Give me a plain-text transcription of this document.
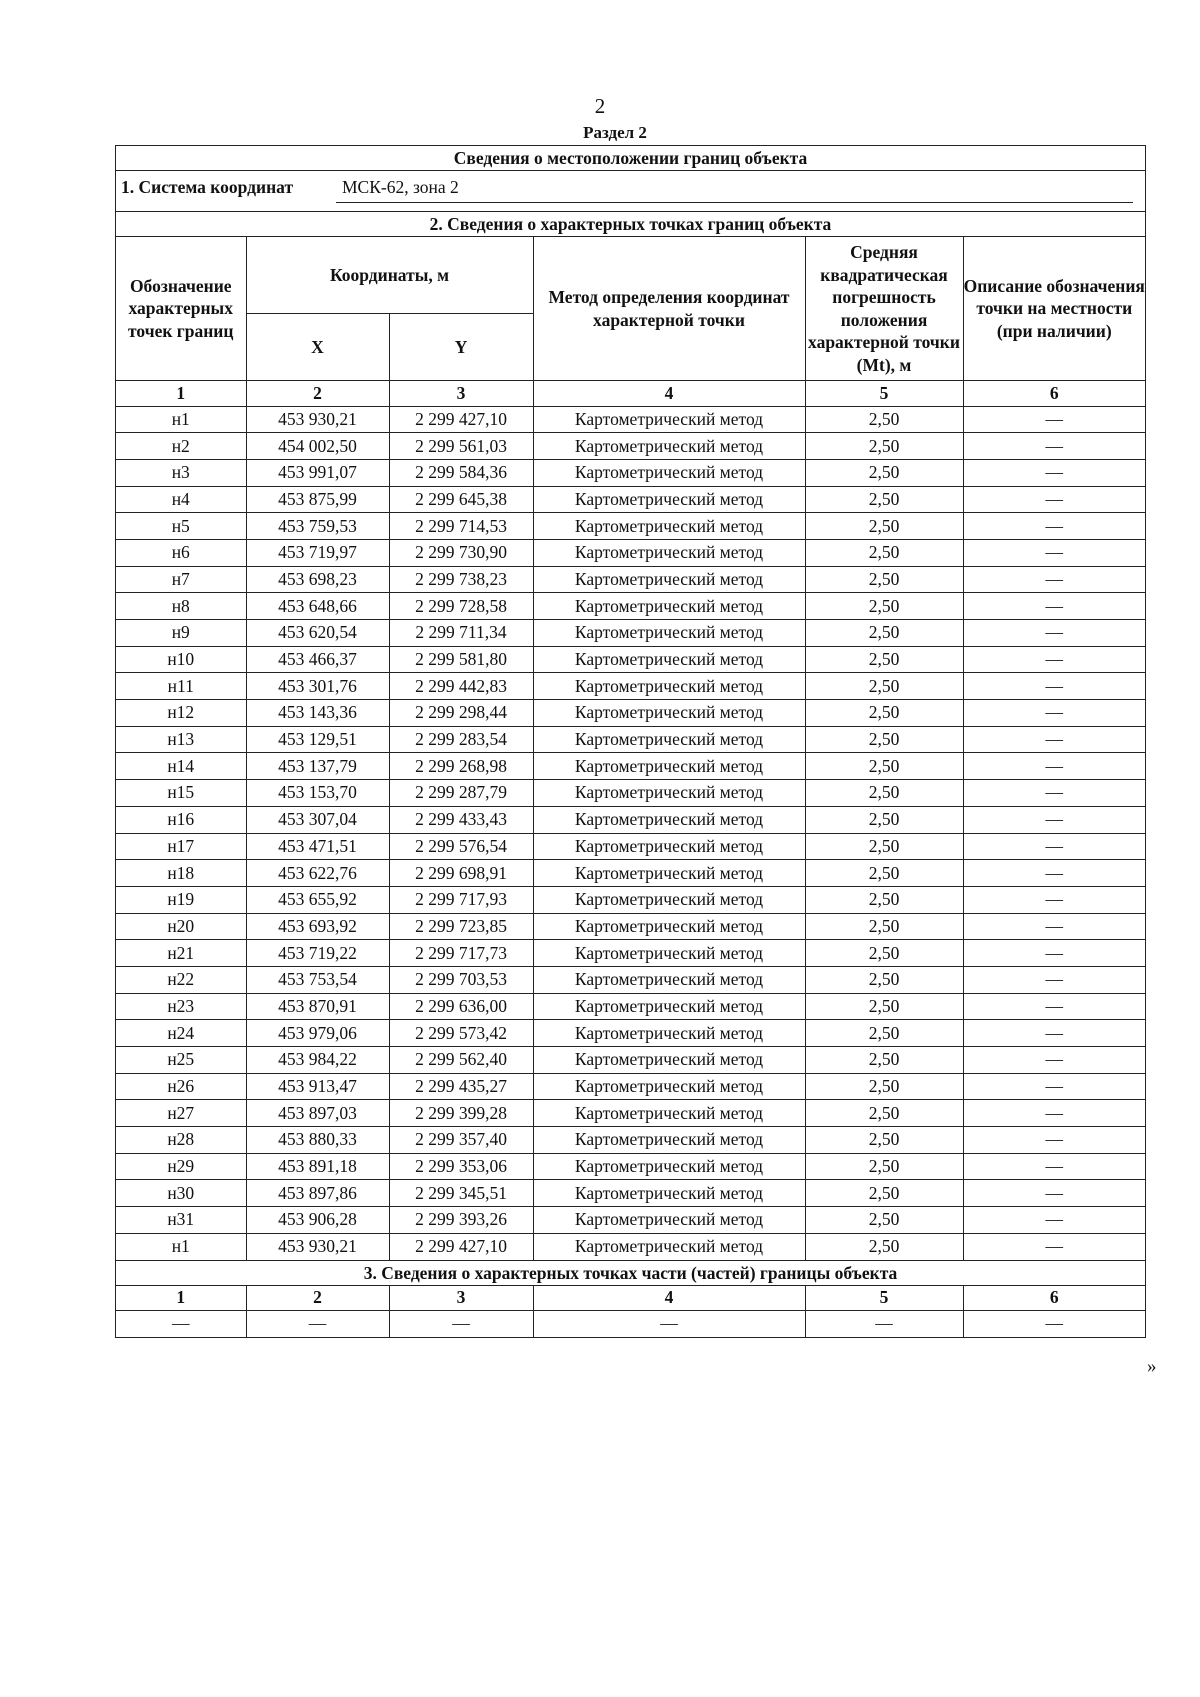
2
Раздел 2
Сведения о местоположении границ объекта
1. Система координат	МСК-62, зона 2
2. Сведения о характерных точках границ объекта
Обозначение характерных точек границ	Координаты, м		Метод определения координат характерной точки	Средняя квадратическая погрешность положения характерной точки (Mt), м	Описание обозначения точки на местности (при наличии)
	X	Y			
1	2	3	4	5	6
н1	453 930,21	2 299 427,10	Картометрический метод	2,50	—
н2	454 002,50	2 299 561,03	Картометрический метод	2,50	—
н3	453 991,07	2 299 584,36	Картометрический метод	2,50	—
н4	453 875,99	2 299 645,38	Картометрический метод	2,50	—
н5	453 759,53	2 299 714,53	Картометрический метод	2,50	—
н6	453 719,97	2 299 730,90	Картометрический метод	2,50	—
н7	453 698,23	2 299 738,23	Картометрический метод	2,50	—
н8	453 648,66	2 299 728,58	Картометрический метод	2,50	—
н9	453 620,54	2 299 711,34	Картометрический метод	2,50	—
н10	453 466,37	2 299 581,80	Картометрический метод	2,50	—
н11	453 301,76	2 299 442,83	Картометрический метод	2,50	—
н12	453 143,36	2 299 298,44	Картометрический метод	2,50	—
н13	453 129,51	2 299 283,54	Картометрический метод	2,50	—
н14	453 137,79	2 299 268,98	Картометрический метод	2,50	—
н15	453 153,70	2 299 287,79	Картометрический метод	2,50	—
н16	453 307,04	2 299 433,43	Картометрический метод	2,50	—
н17	453 471,51	2 299 576,54	Картометрический метод	2,50	—
н18	453 622,76	2 299 698,91	Картометрический метод	2,50	—
н19	453 655,92	2 299 717,93	Картометрический метод	2,50	—
н20	453 693,92	2 299 723,85	Картометрический метод	2,50	—
н21	453 719,22	2 299 717,73	Картометрический метод	2,50	—
н22	453 753,54	2 299 703,53	Картометрический метод	2,50	—
н23	453 870,91	2 299 636,00	Картометрический метод	2,50	—
н24	453 979,06	2 299 573,42	Картометрический метод	2,50	—
н25	453 984,22	2 299 562,40	Картометрический метод	2,50	—
н26	453 913,47	2 299 435,27	Картометрический метод	2,50	—
н27	453 897,03	2 299 399,28	Картометрический метод	2,50	—
н28	453 880,33	2 299 357,40	Картометрический метод	2,50	—
н29	453 891,18	2 299 353,06	Картометрический метод	2,50	—
н30	453 897,86	2 299 345,51	Картометрический метод	2,50	—
н31	453 906,28	2 299 393,26	Картометрический метод	2,50	—
н1	453 930,21	2 299 427,10	Картометрический метод	2,50	—
3. Сведения о характерных точках части (частей) границы объекта
1	2	3	4	5	6
—	—	—	—	—	—
»
